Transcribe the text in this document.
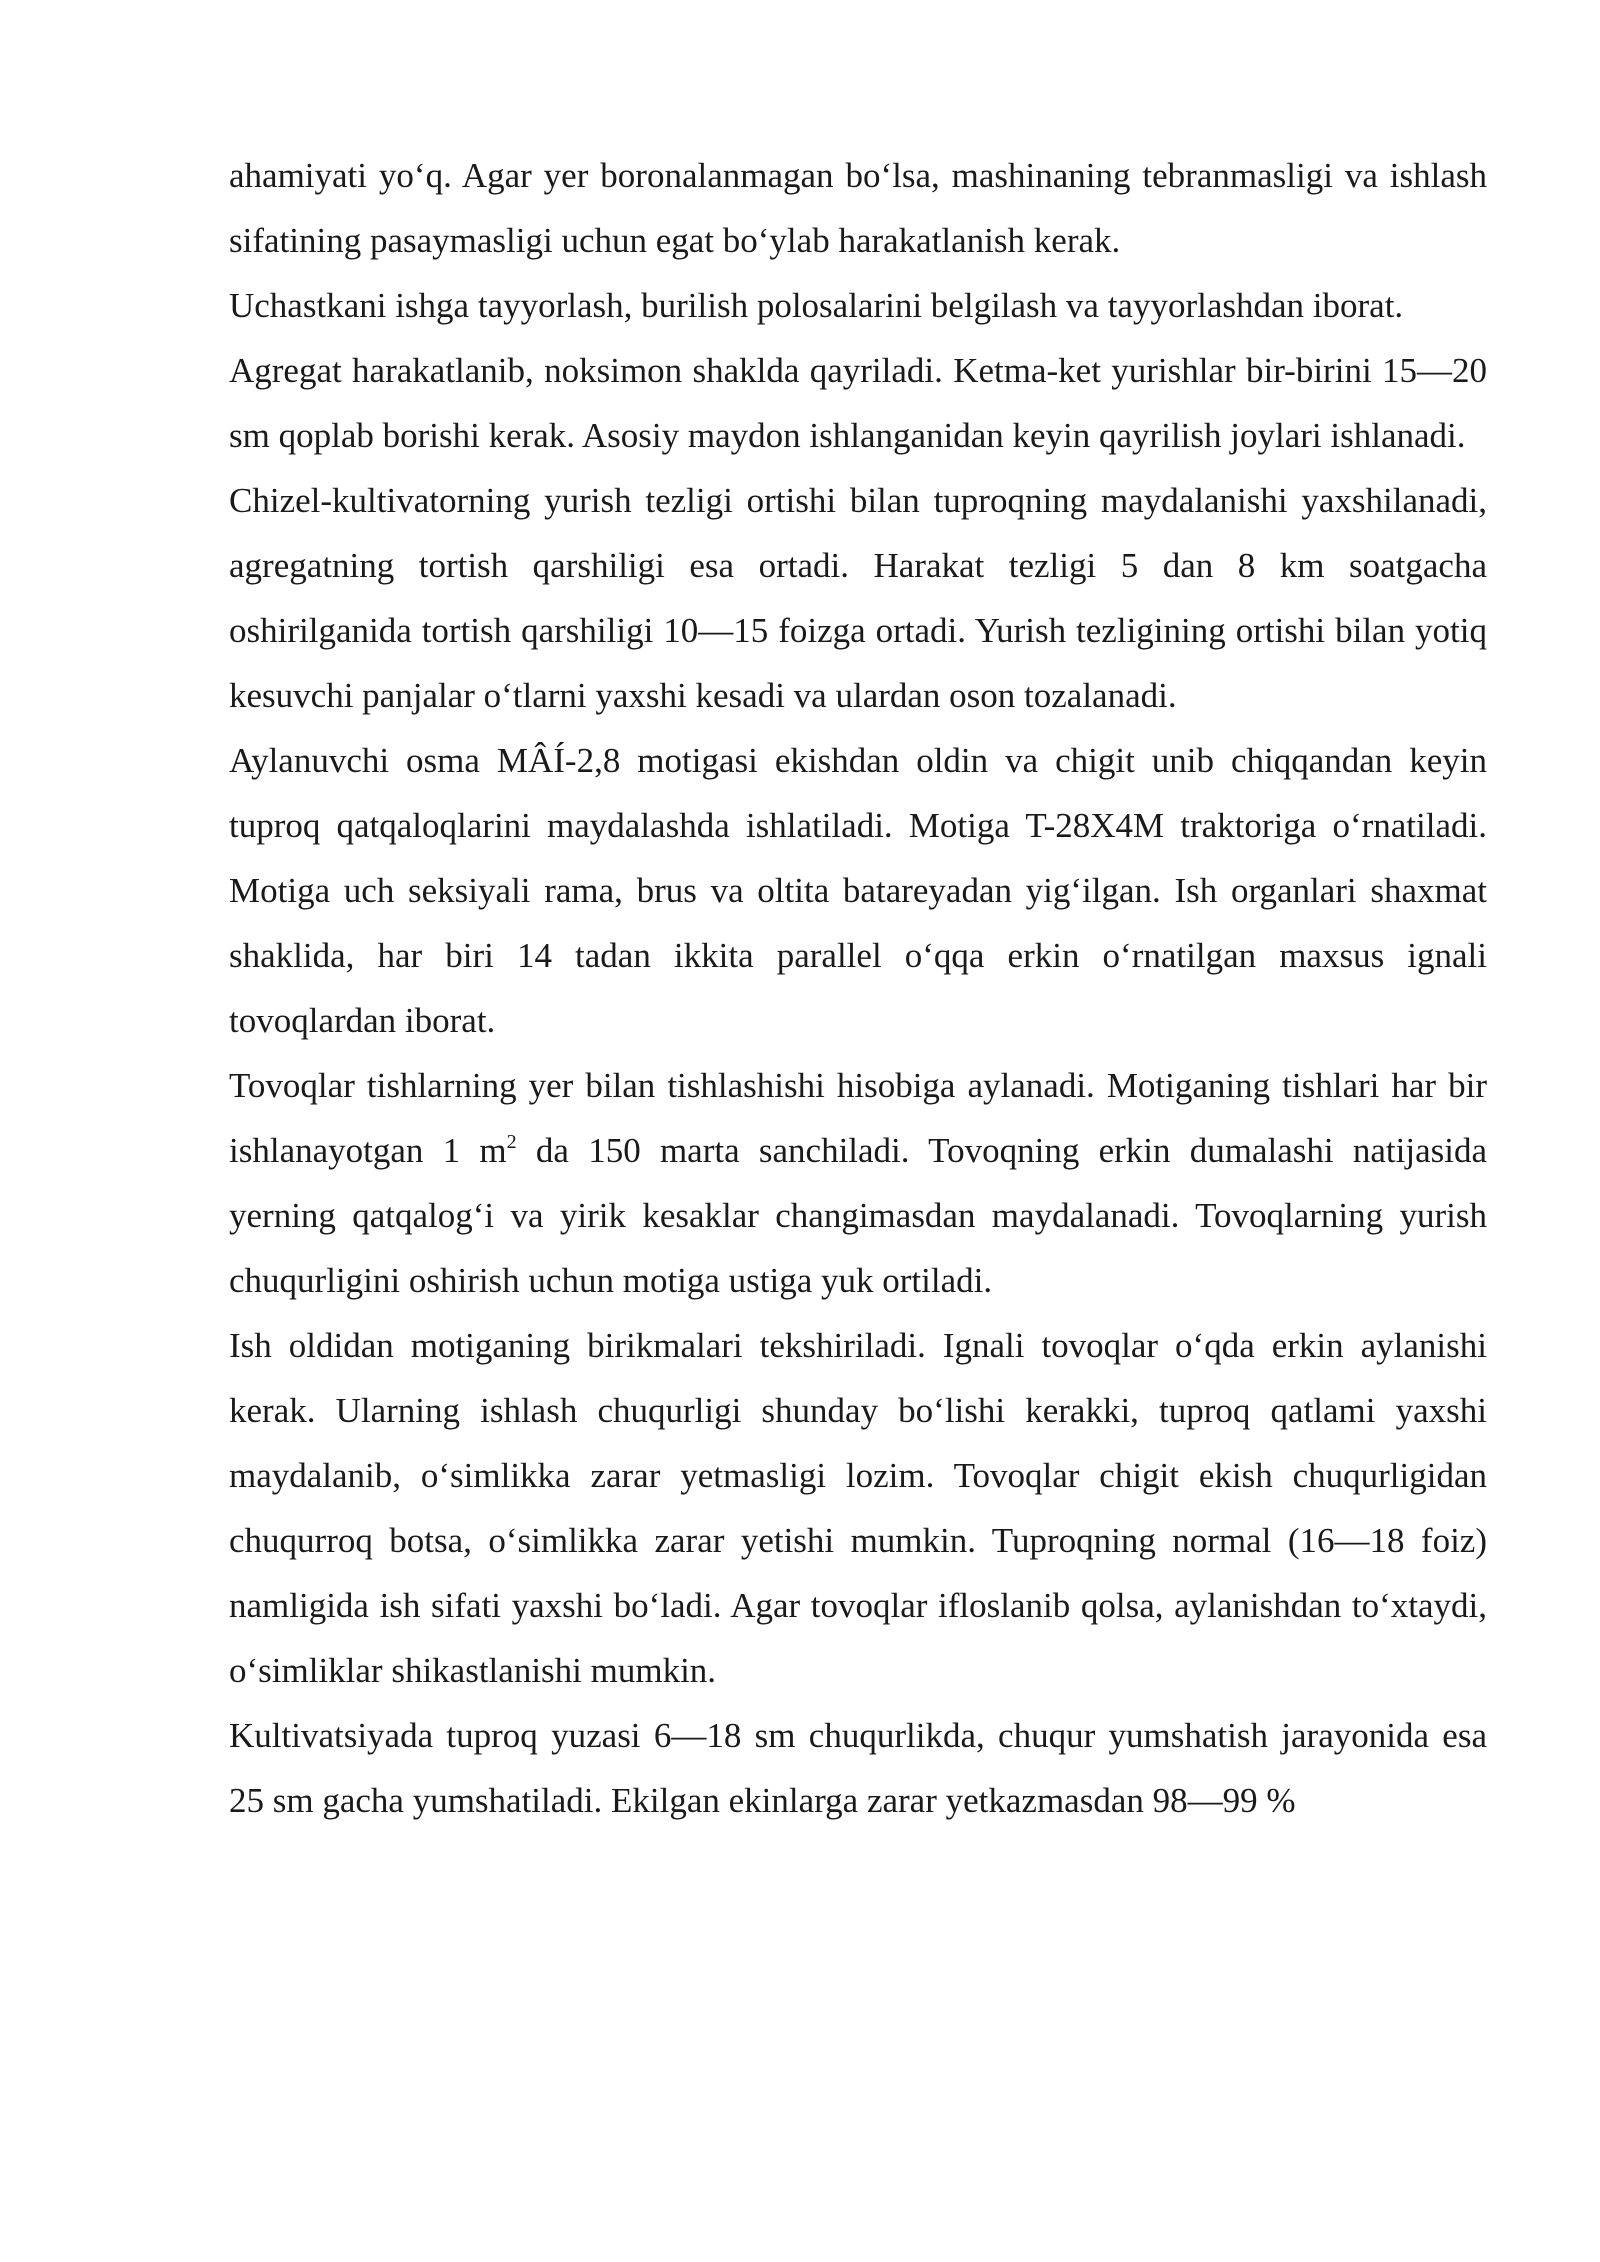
ahamiyati yo‘q. Agar yer boronalanmagan bo‘lsa, mashinaning tebranmasligi va ishlash sifatining pasaymasligi uchun egat bo‘ylab harakatlanish kerak.

Uchastkani ishga tayyorlash, burilish polosalarini belgilash va tayyorlashdan iborat.

Agregat harakatlanib, noksimon shaklda qayriladi. Ketma-ket yurishlar bir-birini 15—20 sm qoplab borishi kerak. Asosiy maydon ishlanganidan keyin qayrilish joylari ishlanadi.

Chizel-kultivatorning yurish tezligi ortishi bilan tuproqning maydalanishi yaxshilanadi, agregatning tortish qarshiligi esa ortadi. Harakat tezligi 5 dan 8 km soatgacha oshirilganida tortish qarshiligi 10—15 foizga ortadi. Yurish tezligining ortishi bilan yotiq kesuvchi panjalar o‘tlarni yaxshi kesadi va ulardan oson tozalanadi.

Aylanuvchi osma MÂÍ-2,8 motigasi ekishdan oldin va chigit unib chiqqandan keyin tuproq qatqaloqlarini maydalashda ishlatiladi. Motiga T-28X4M traktoriga o‘rnatiladi. Motiga uch seksiyali rama, brus va oltita batareyadan yig‘ilgan. Ish organlari shaxmat shaklida, har biri 14 tadan ikkita parallel o‘qqa erkin o‘rnatilgan maxsus ignali tovoqlardan iborat.

Tovoqlar tishlarning yer bilan tishlashishi hisobiga aylanadi. Motiganing tishlari har bir ishlanayotgan 1 $m^2$ da 150 marta sanchiladi. Tovoqning erkin dumalashi natijasida yerning qatqalog‘i va yirik kesaklar changimasdan maydalanadi. Tovoqlarning yurish chuqurligini oshirish uchun motiga ustiga yuk ortiladi.

Ish oldidan motiganing birikmalari tekshiriladi. Ignali tovoqlar o‘qda erkin aylanishi kerak. Ularning ishlash chuqurligi shunday bo‘lishi kerakki, tuproq qatlami yaxshi maydalanib, o‘simlikka zarar yetmasligi lozim. Tovoqlar chigit ekish chuqurligidan chuqurroq botsa, o‘simlikka zarar yetishi mumkin. Tuproqning normal (16—18 foiz) namligida ish sifati yaxshi bo‘ladi. Agar tovoqlar ifloslanib qolsa, aylanishdan to‘xtaydi, o‘simliklar shikastlanishi mumkin.

Kultivatsiyada tuproq yuzasi 6—18 sm chuqurlikda, chuqur yumshatish jarayonida esa 25 sm gacha yumshatiladi. Ekilgan ekinlarga zarar yetkazmasdan 98—99 %
